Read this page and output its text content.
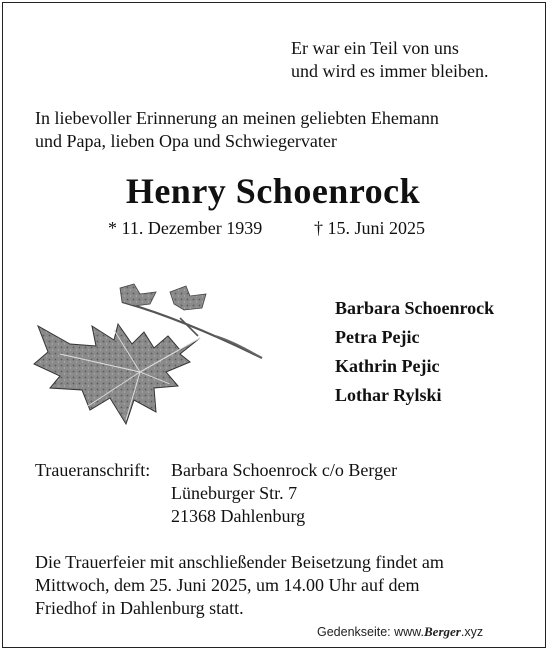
Er war ein Teil von uns
und wird es immer bleiben.
In liebevoller Erinnerung an meinen geliebten Ehemann
und Papa, lieben Opa und Schwiegervater
Henry Schoenrock
* 11. Dezember 1939	† 15. Juni 2025
Barbara Schoenrock
Petra Pejic
Kathrin Pejic
Lothar Rylski
Traueranschrift: Barbara Schoenrock c/o Berger
Lüneburger Str. 7
21368 Dahlenburg
Die Trauerfeier mit anschließender Beisetzung findet am
Mittwoch, dem 25. Juni 2025, um 14.00 Uhr auf dem
Friedhof in Dahlenburg statt.
Gedenkseite: www.Berger.xyz
